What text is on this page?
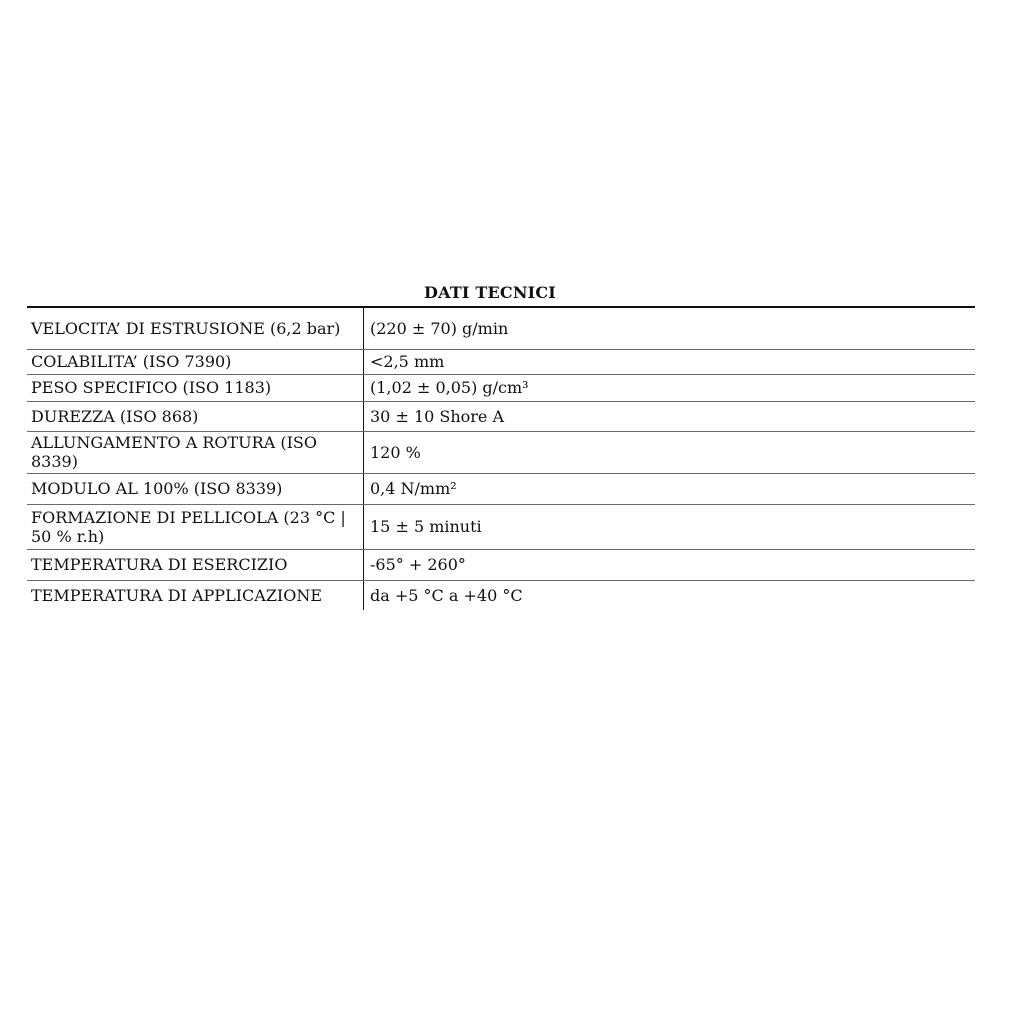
DATI TECNICI
VELOCITA’ DI ESTRUSIONE (6,2 bar)	(220 ± 70) g/min
COLABILITA’ (ISO 7390)	<2,5 mm
PESO SPECIFICO (ISO 1183)	(1,02 ± 0,05) g/cm³
DUREZZA (ISO 868)	30 ± 10 Shore A
ALLUNGAMENTO A ROTURA (ISO 8339)	120 %
MODULO AL 100% (ISO 8339)	0,4 N/mm²
FORMAZIONE DI PELLICOLA (23 °C | 50 % r.h)	15 ± 5 minuti
TEMPERATURA DI ESERCIZIO	-65° + 260°
TEMPERATURA DI APPLICAZIONE	da +5 °C a +40 °C
